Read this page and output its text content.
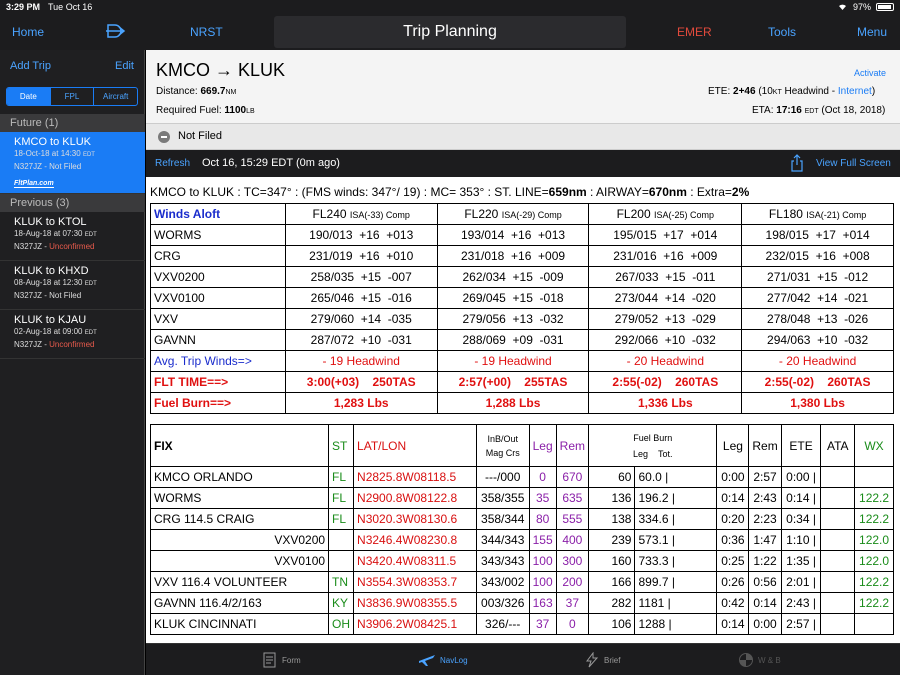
3:29 PM Tue Oct 16	97%
Home	NRST	Trip Planning	EMER	Tools	Menu
Add Trip	Edit
Date	FPL	Aircraft
Future (1)
KMCO to KLUK
18-Oct-18 at 14:30 EDT
N327JZ - Not Filed
FltPlan.com
Previous (3)
KLUK to KTOL
18-Aug-18 at 07:30 EDT
N327JZ - Unconfirmed
KLUK to KHXD
08-Aug-18 at 12:30 EDT
N327JZ - Not Filed
KLUK to KJAU
02-Aug-18 at 09:00 EDT
N327JZ - Unconfirmed
KMCO → KLUK
Distance: 669.7NM
Required Fuel: 1100LB
Activate
ETE: 2+46 (10KT Headwind - Internet)
ETA: 17:16 EDT (Oct 18, 2018)
Not Filed
Refresh Oct 16, 15:29 EDT (0m ago)	View Full Screen
KMCO to KLUK : TC=347° : (FMS winds: 347°/ 19) : MC= 353° : ST. LINE=659nm : AIRWAY=670nm : Extra=2%
Winds Aloft	FL240 ISA(-33) Comp	FL220 ISA(-29) Comp	FL200 ISA(-25) Comp	FL180 ISA(-21) Comp
WORMS	190/013  +16  +013	193/014  +16  +013	195/015  +17  +014	198/015  +17  +014
CRG	231/019  +16  +010	231/018  +16  +009	231/016  +16  +009	232/015  +16  +008
VXV0200	258/035  +15  -007	262/034  +15  -009	267/033  +15  -011	271/031  +15  -012
VXV0100	265/046  +15  -016	269/045  +15  -018	273/044  +14  -020	277/042  +14  -021
VXV	279/060  +14  -035	279/056  +13  -032	279/052  +13  -029	278/048  +13  -026
GAVNN	287/072  +10  -031	288/069  +09  -031	292/066  +10  -032	294/063  +10  -032
Avg. Trip Winds=>	- 19 Headwind	- 19 Headwind	- 20 Headwind	- 20 Headwind
FLT TIME==>	3:00(+03)    250TAS	2:57(+00)    255TAS	2:55(-02)    260TAS	2:55(-02)    260TAS
Fuel Burn==>	1,283 Lbs	1,288 Lbs	1,336 Lbs	1,380 Lbs
FIX	ST	LAT/LON	InB/Out
Mag Crs	Leg	Rem	Fuel Burn
Leg Tot.		Leg	Rem	ETE	ATA	WX
KMCO ORLANDO	FL	N2825.8W08118.5	---/000	0	670	60	60.0 |	0:00	2:57	0:00 |		
WORMS	FL	N2900.8W08122.8	358/355	35	635	136	196.2 |	0:14	2:43	0:14 |		122.2
CRG 114.5 CRAIG	FL	N3020.3W08130.6	358/344	80	555	138	334.6 |	0:20	2:23	0:34 |		122.2
VXV0200		N3246.4W08230.8	344/343	155	400	239	573.1 |	0:36	1:47	1:10 |		122.0
VXV0100		N3420.4W08311.5	343/343	100	300	160	733.3 |	0:25	1:22	1:35 |		122.0
VXV 116.4 VOLUNTEER	TN	N3554.3W08353.7	343/002	100	200	166	899.7 |	0:26	0:56	2:01 |		122.2
GAVNN 116.4/2/163	KY	N3836.9W08355.5	003/326	163	37	282	1181 |	0:42	0:14	2:43 |		122.2
KLUK CINCINNATI	OH	N3906.2W08425.1	326/---	37	0	106	1288 |	0:14	0:00	2:57 |		
Form	NavLog	Brief	W & B
